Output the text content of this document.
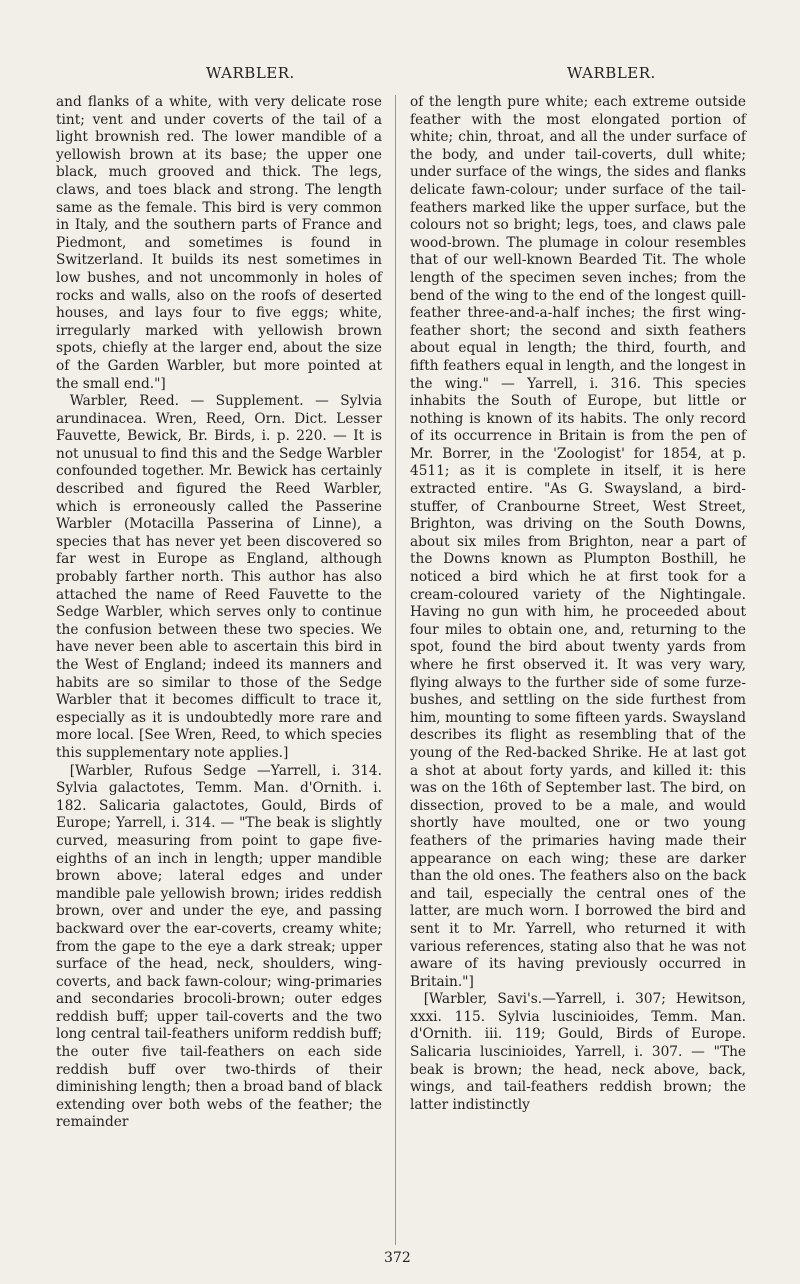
WARBLER.	WARBLER.

and flanks of a white, with very delicate rose tint; vent and under coverts of the tail of a light brownish red. The lower mandible of a yellowish brown at its base; the upper one black, much grooved and thick. The legs, claws, and toes black and strong. The length same as the female. This bird is very common in Italy, and the southern parts of France and Piedmont, and sometimes is found in Switzerland. It builds its nest sometimes in low bushes, and not uncommonly in holes of rocks and walls, also on the roofs of deserted houses, and lays four to five eggs; white, irregularly marked with yellowish brown spots, chiefly at the larger end, about the size of the Garden Warbler, but more pointed at the small end."]

Warbler, Reed. — Supplement. — Sylvia arundinacea. Wren, Reed, Orn. Dict. Lesser Fauvette, Bewick, Br. Birds, i. p. 220. — It is not unusual to find this and the Sedge Warbler confounded together. Mr. Bewick has certainly described and figured the Reed Warbler, which is erroneously called the Passerine Warbler (Motacilla Passerina of Linne), a species that has never yet been discovered so far west in Europe as England, although probably farther north. This author has also attached the name of Reed Fauvette to the Sedge Warbler, which serves only to continue the confusion between these two species. We have never been able to ascertain this bird in the West of England; indeed its manners and habits are so similar to those of the Sedge Warbler that it becomes difficult to trace it, especially as it is undoubtedly more rare and more local. [See Wren, Reed, to which species this supplementary note applies.]

[Warbler, Rufous Sedge —Yarrell, i. 314. Sylvia galactotes, Temm. Man. d'Ornith. i. 182. Salicaria galactotes, Gould, Birds of Europe; Yarrell, i. 314. — "The beak is slightly curved, measuring from point to gape five-eighths of an inch in length; upper mandible brown above; lateral edges and under mandible pale yellowish brown; irides reddish brown, over and under the eye, and passing backward over the ear-coverts, creamy white; from the gape to the eye a dark streak; upper surface of the head, neck, shoulders, wing-coverts, and back fawn-colour; wing-primaries and secondaries brocoli-brown; outer edges reddish buff; upper tail-coverts and the two long central tail-feathers uniform reddish buff; the outer five tail-feathers on each side reddish buff over two-thirds of their diminishing length; then a broad band of black extending over both webs of the feather; the remainder

of the length pure white; each extreme outside feather with the most elongated portion of white; chin, throat, and all the under surface of the body, and under tail-coverts, dull white; under surface of the wings, the sides and flanks delicate fawn-colour; under surface of the tail-feathers marked like the upper surface, but the colours not so bright; legs, toes, and claws pale wood-brown. The plumage in colour resembles that of our well-known Bearded Tit. The whole length of the specimen seven inches; from the bend of the wing to the end of the longest quill-feather three-and-a-half inches; the first wing-feather short; the second and sixth feathers about equal in length; the third, fourth, and fifth feathers equal in length, and the longest in the wing." — Yarrell, i. 316. This species inhabits the South of Europe, but little or nothing is known of its habits. The only record of its occurrence in Britain is from the pen of Mr. Borrer, in the 'Zoologist' for 1854, at p. 4511; as it is complete in itself, it is here extracted entire. "As G. Swaysland, a bird-stuffer, of Cranbourne Street, West Street, Brighton, was driving on the South Downs, about six miles from Brighton, near a part of the Downs known as Plumpton Bosthill, he noticed a bird which he at first took for a cream-coloured variety of the Nightingale. Having no gun with him, he proceeded about four miles to obtain one, and, returning to the spot, found the bird about twenty yards from where he first observed it. It was very wary, flying always to the further side of some furze-bushes, and settling on the side furthest from him, mounting to some fifteen yards. Swaysland describes its flight as resembling that of the young of the Red-backed Shrike. He at last got a shot at about forty yards, and killed it: this was on the 16th of September last. The bird, on dissection, proved to be a male, and would shortly have moulted, one or two young feathers of the primaries having made their appearance on each wing; these are darker than the old ones. The feathers also on the back and tail, especially the central ones of the latter, are much worn. I borrowed the bird and sent it to Mr. Yarrell, who returned it with various references, stating also that he was not aware of its having previously occurred in Britain."]

[Warbler, Savi's.—Yarrell, i. 307; Hewitson, xxxi. 115. Sylvia luscinioides, Temm. Man. d'Ornith. iii. 119; Gould, Birds of Europe. Salicaria luscinioides, Yarrell, i. 307. — "The beak is brown; the head, neck above, back, wings, and tail-feathers reddish brown; the latter indistinctly

372
